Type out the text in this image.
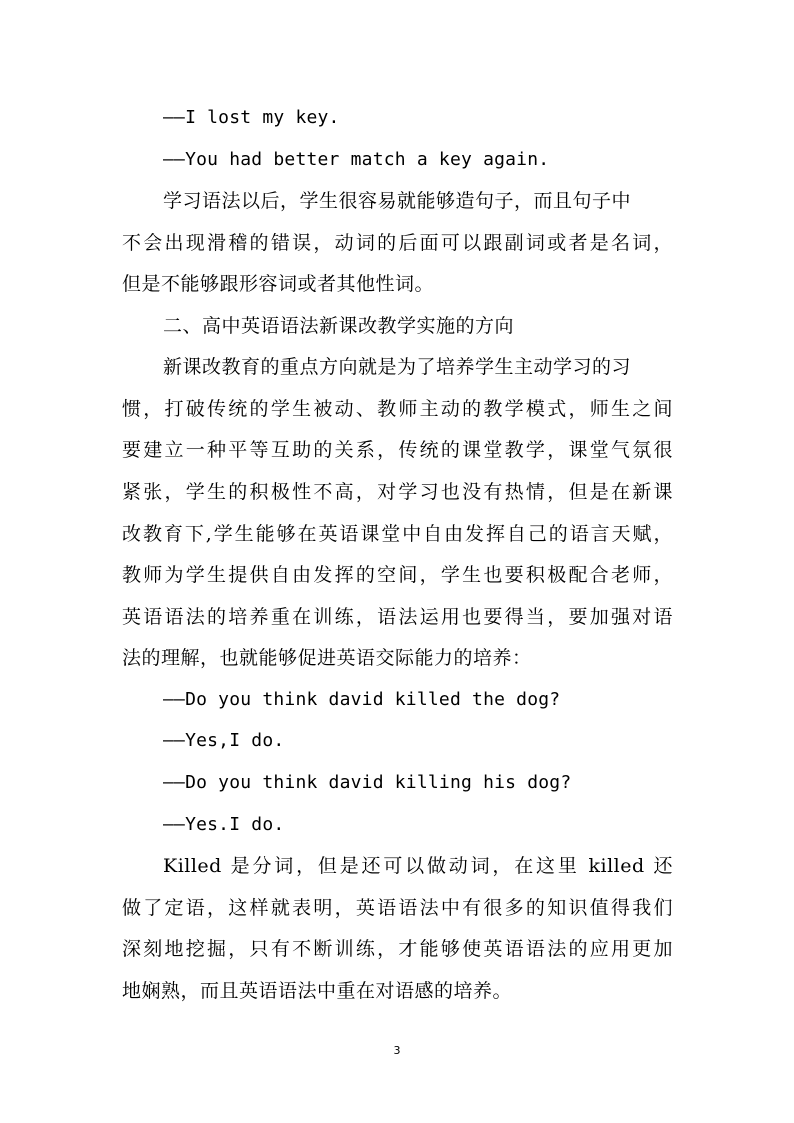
——I lost my key.
——You had better match a key again.
学习语法以后，学生很容易就能够造句子，而且句子中
不会出现滑稽的错误，动词的后面可以跟副词或者是名词，
但是不能够跟形容词或者其他性词。
二、高中英语语法新课改教学实施的方向
新课改教育的重点方向就是为了培养学生主动学习的习
惯，打破传统的学生被动、教师主动的教学模式，师生之间
要建立一种平等互助的关系，传统的课堂教学，课堂气氛很
紧张，学生的积极性不高，对学习也没有热情，但是在新课
改教育下,学生能够在英语课堂中自由发挥自己的语言天赋，
教师为学生提供自由发挥的空间，学生也要积极配合老师，
英语语法的培养重在训练，语法运用也要得当，要加强对语
法的理解，也就能够促进英语交际能力的培养：
——Do you think david killed the dog?
——Yes,I do.
——Do you think david killing his dog?
——Yes.I do.
Killed 是分词，但是还可以做动词，在这里 killed 还
做了定语，这样就表明，英语语法中有很多的知识值得我们
深刻地挖掘，只有不断训练，才能够使英语语法的应用更加
地娴熟，而且英语语法中重在对语感的培养。
3
